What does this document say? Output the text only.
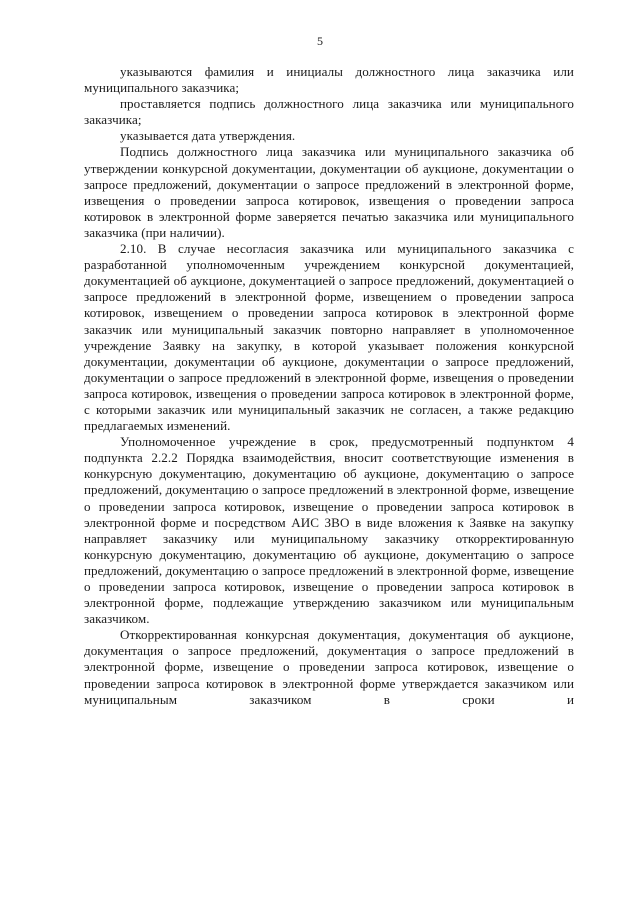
5

указываются фамилия и инициалы должностного лица заказчика или муниципального заказчика;

проставляется подпись должностного лица заказчика или муниципального заказчика;

указывается дата утверждения.

Подпись должностного лица заказчика или муниципального заказчика об утверждении конкурсной документации, документации об аукционе, документации о запросе предложений, документации о запросе предложений в электронной форме, извещения о проведении запроса котировок, извещения о проведении запроса котировок в электронной форме заверяется печатью заказчика или муниципального заказчика (при наличии).

2.10. В случае несогласия заказчика или муниципального заказчика с разработанной уполномоченным учреждением конкурсной документацией, документацией об аукционе, документацией о запросе предложений, документацией о запросе предложений в электронной форме, извещением о проведении запроса котировок, извещением о проведении запроса котировок в электронной форме заказчик или муниципальный заказчик повторно направляет в уполномоченное учреждение Заявку на закупку, в которой указывает положения конкурсной документации, документации об аукционе, документации о запросе предложений, документации о запросе предложений в электронной форме, извещения о проведении запроса котировок, извещения о проведении запроса котировок в электронной форме, с которыми заказчик или муниципальный заказчик не согласен, а также редакцию предлагаемых изменений.

Уполномоченное учреждение в срок, предусмотренный подпунктом 4 подпункта 2.2.2 Порядка взаимодействия, вносит соответствующие изменения в конкурсную документацию, документацию об аукционе, документацию о запросе предложений, документацию о запросе предложений в электронной форме, извещение о проведении запроса котировок, извещение о проведении запроса котировок в электронной форме и посредством АИС ЗВО в виде вложения к Заявке на закупку направляет заказчику или муниципальному заказчику откорректированную конкурсную документацию, документацию об аукционе, документацию о запросе предложений, документацию о запросе предложений в электронной форме, извещение о проведении запроса котировок, извещение о проведении запроса котировок в электронной форме, подлежащие утверждению заказчиком или муниципальным заказчиком.

Откорректированная конкурсная документация, документация об аукционе, документация о запросе предложений, документация о запросе предложений в электронной форме, извещение о проведении запроса котировок, извещение о проведении запроса котировок в электронной форме утверждается заказчиком или муниципальным заказчиком в сроки и
